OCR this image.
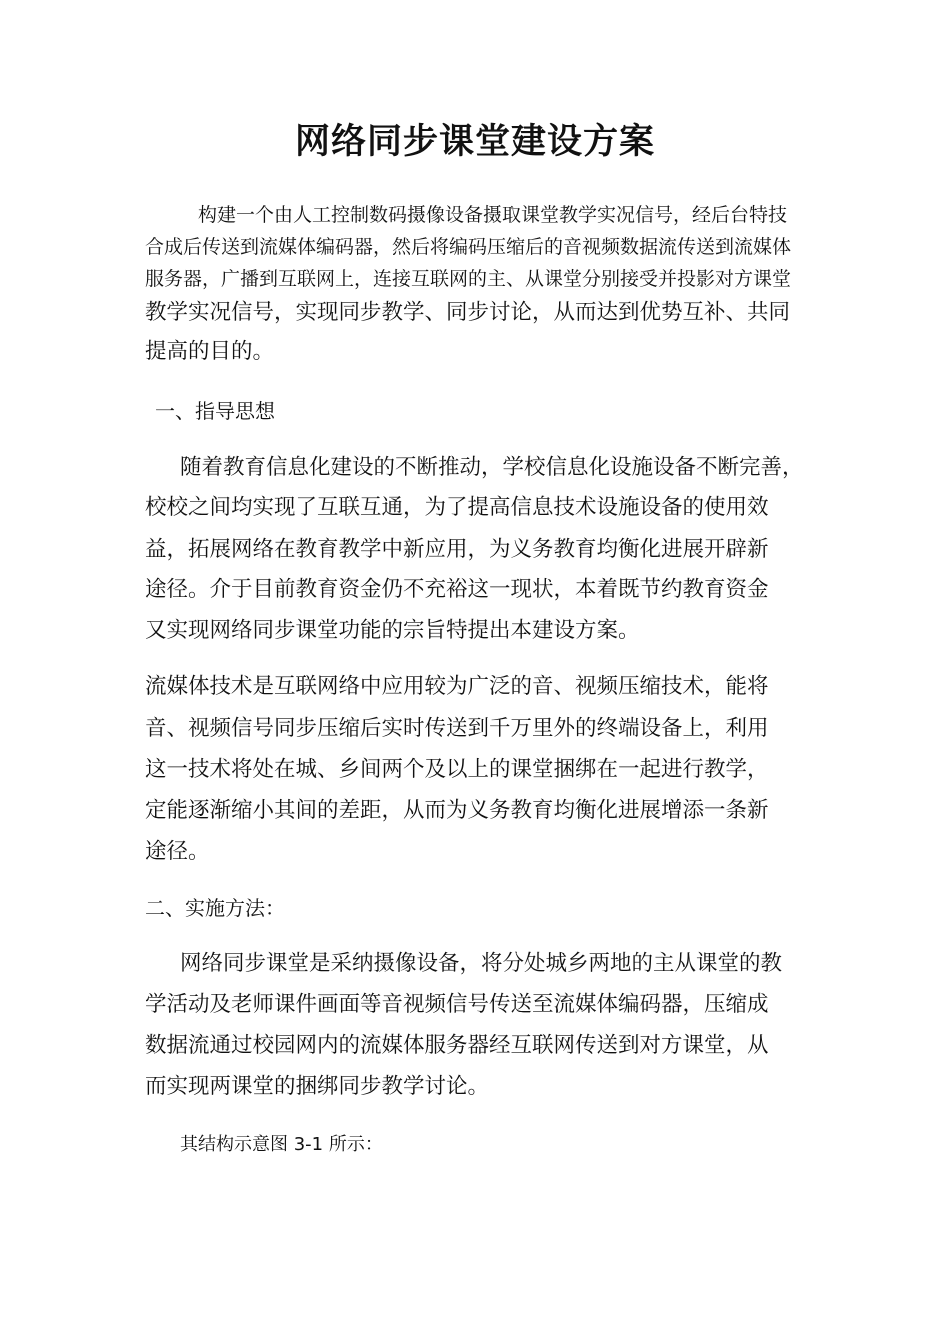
网络同步课堂建设方案

构建一个由人工控制数码摄像设备摄取课堂教学实况信号，经后台特技

合成后传送到流媒体编码器，然后将编码压缩后的音视频数据流传送到流媒体

服务器，广播到互联网上，连接互联网的主、从课堂分别接受并投影对方课堂

教学实况信号，实现同步教学、同步讨论，从而达到优势互补、共同

提高的目的。

一、指导思想

随着教育信息化建设的不断推动，学校信息化设施设备不断完善，

校校之间均实现了互联互通，为了提高信息技术设施设备的使用效

益，拓展网络在教育教学中新应用，为义务教育均衡化进展开辟新

途径。介于目前教育资金仍不充裕这一现状，本着既节约教育资金

又实现网络同步课堂功能的宗旨特提出本建设方案。

流媒体技术是互联网络中应用较为广泛的音、视频压缩技术，能将

音、视频信号同步压缩后实时传送到千万里外的终端设备上，利用

这一技术将处在城、乡间两个及以上的课堂捆绑在一起进行教学，

定能逐渐缩小其间的差距，从而为义务教育均衡化进展增添一条新

途径。

二、实施方法：

网络同步课堂是采纳摄像设备，将分处城乡两地的主从课堂的教

学活动及老师课件画面等音视频信号传送至流媒体编码器，压缩成

数据流通过校园网内的流媒体服务器经互联网传送到对方课堂，从

而实现两课堂的捆绑同步教学讨论。

其结构示意图 3-1 所示：
